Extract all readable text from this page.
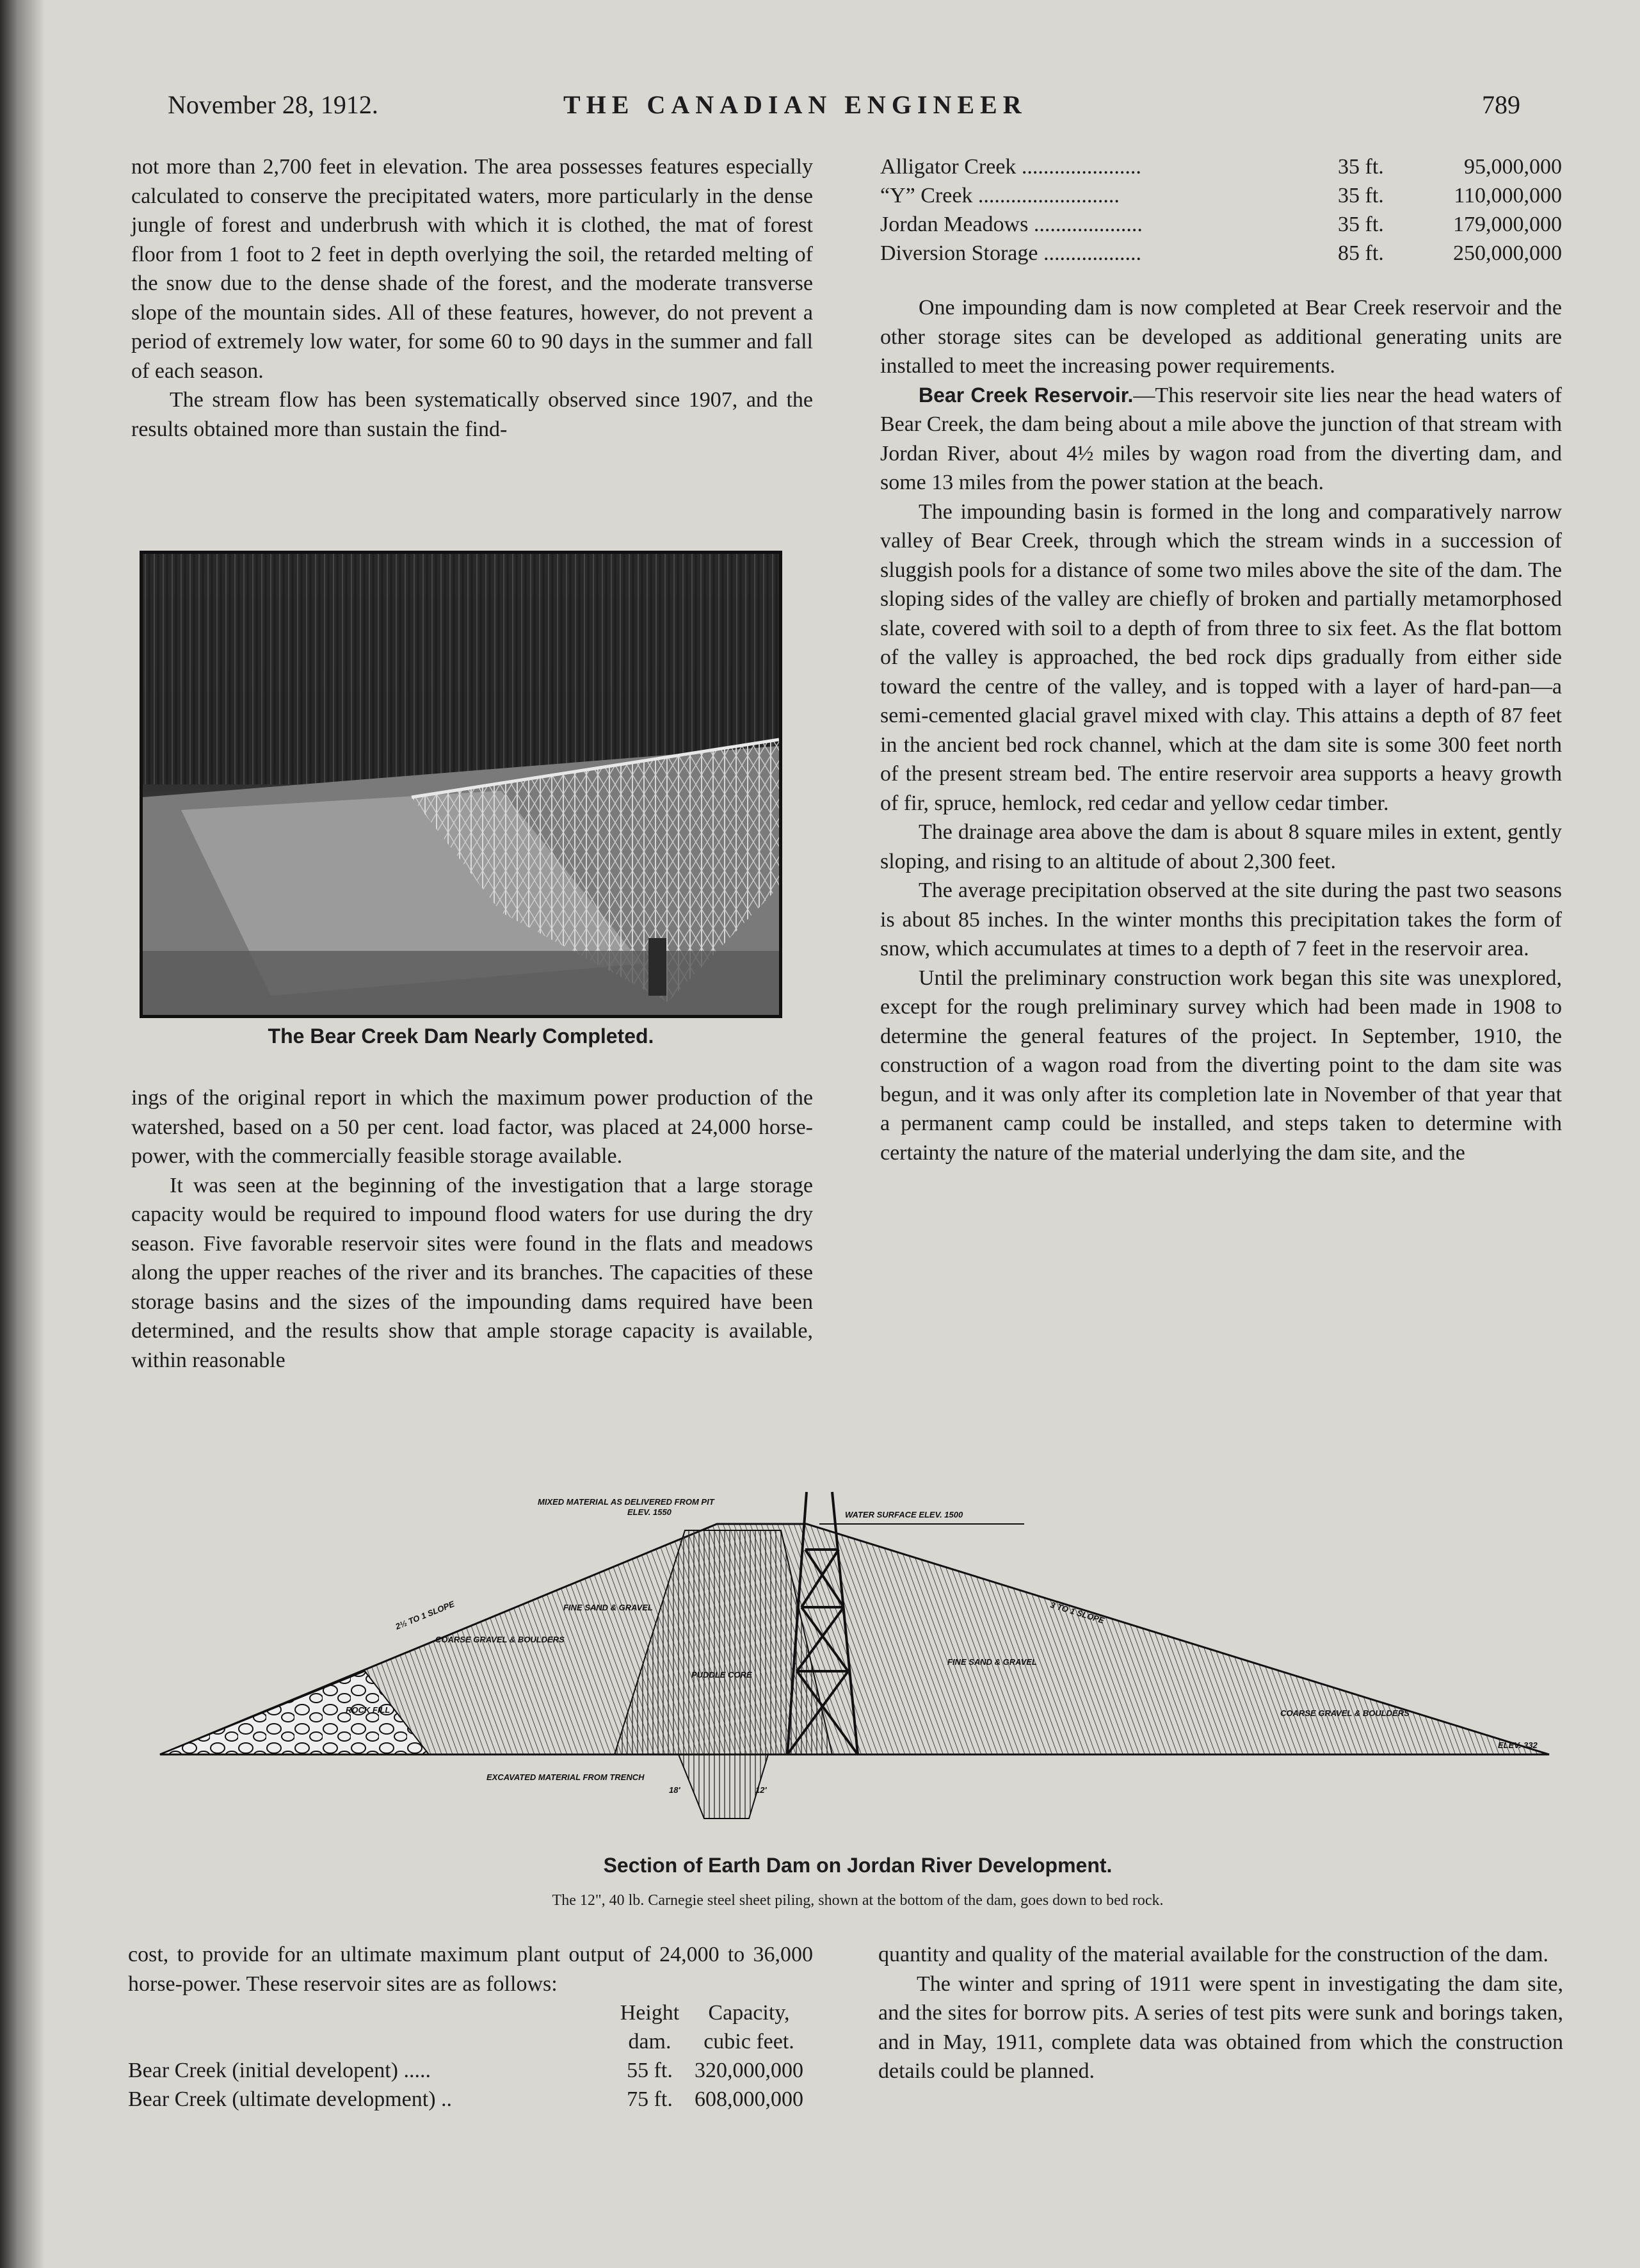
November 28, 1912.	THE CANADIAN ENGINEER	789

not more than 2,700 feet in elevation. The area possesses features especially calculated to conserve the precipitated waters, more particularly in the dense jungle of forest and underbrush with which it is clothed, the mat of forest floor from 1 foot to 2 feet in depth overlying the soil, the retarded melting of the snow due to the dense shade of the forest, and the moderate transverse slope of the mountain sides. All of these features, however, do not prevent a period of extremely low water, for some 60 to 90 days in the summer and fall of each season.

The stream flow has been systematically observed since 1907, and the results obtained more than sustain the find-

The Bear Creek Dam Nearly Completed.

ings of the original report in which the maximum power production of the watershed, based on a 50 per cent. load factor, was placed at 24,000 horse-power, with the commercially feasible storage available.

It was seen at the beginning of the investigation that a large storage capacity would be required to impound flood waters for use during the dry season. Five favorable reservoir sites were found in the flats and meadows along the upper reaches of the river and its branches. The capacities of these storage basins and the sizes of the impounding dams required have been determined, and the results show that ample storage capacity is available, within reasonable

Alligator Creek ......................	35 ft.	95,000,000
“Y” Creek ..........................	35 ft.	110,000,000
Jordan Meadows ....................	35 ft.	179,000,000
Diversion Storage ..................	85 ft.	250,000,000

One impounding dam is now completed at Bear Creek reservoir and the other storage sites can be developed as additional generating units are installed to meet the increasing power requirements.

Bear Creek Reservoir.—This reservoir site lies near the head waters of Bear Creek, the dam being about a mile above the junction of that stream with Jordan River, about 4½ miles by wagon road from the diverting dam, and some 13 miles from the power station at the beach.

The impounding basin is formed in the long and comparatively narrow valley of Bear Creek, through which the stream winds in a succession of sluggish pools for a distance of some two miles above the site of the dam. The sloping sides of the valley are chiefly of broken and partially metamorphosed slate, covered with soil to a depth of from three to six feet. As the flat bottom of the valley is approached, the bed rock dips gradually from either side toward the centre of the valley, and is topped with a layer of hard-pan—a semi-cemented glacial gravel mixed with clay. This attains a depth of 87 feet in the ancient bed rock channel, which at the dam site is some 300 feet north of the present stream bed. The entire reservoir area supports a heavy growth of fir, spruce, hemlock, red cedar and yellow cedar timber.

The drainage area above the dam is about 8 square miles in extent, gently sloping, and rising to an altitude of about 2,300 feet.

The average precipitation observed at the site during the past two seasons is about 85 inches. In the winter months this precipitation takes the form of snow, which accumulates at times to a depth of 7 feet in the reservoir area.

Until the preliminary construction work began this site was unexplored, except for the rough preliminary survey which had been made in 1908 to determine the general features of the project. In September, 1910, the construction of a wagon road from the diverting point to the dam site was begun, and it was only after its completion late in November of that year that a permanent camp could be installed, and steps taken to determine with certainty the nature of the material underlying the dam site, and the

MIXED MATERIAL AS DELIVERED FROM PIT
ELEV. 1550	WATER SURFACE ELEV. 1500
2½ TO 1 SLOPE	3 TO 1 SLOPE
FINE SAND & GRAVEL
COARSE GRAVEL & BOULDERS
ROCK FILL
PUDDLE CORE
FINE SAND & GRAVEL
COARSE GRAVEL & BOULDERS
ELEV. 332
EXCAVATED MATERIAL FROM TRENCH
18'	12'
Section of Earth Dam on Jordan River Development.
The 12", 40 lb. Carnegie steel sheet piling, shown at the bottom of the dam, goes down to bed rock.

cost, to provide for an ultimate maximum plant output of 24,000 to 36,000 horse-power. These reservoir sites are as follows:

	Height	Capacity,
	dam.	cubic feet.
Bear Creek (initial developent) .....	55 ft.	320,000,000
Bear Creek (ultimate development) ..	75 ft.	608,000,000

quantity and quality of the material available for the construction of the dam.

The winter and spring of 1911 were spent in investigating the dam site, and the sites for borrow pits. A series of test pits were sunk and borings taken, and in May, 1911, complete data was obtained from which the construction details could be planned.
